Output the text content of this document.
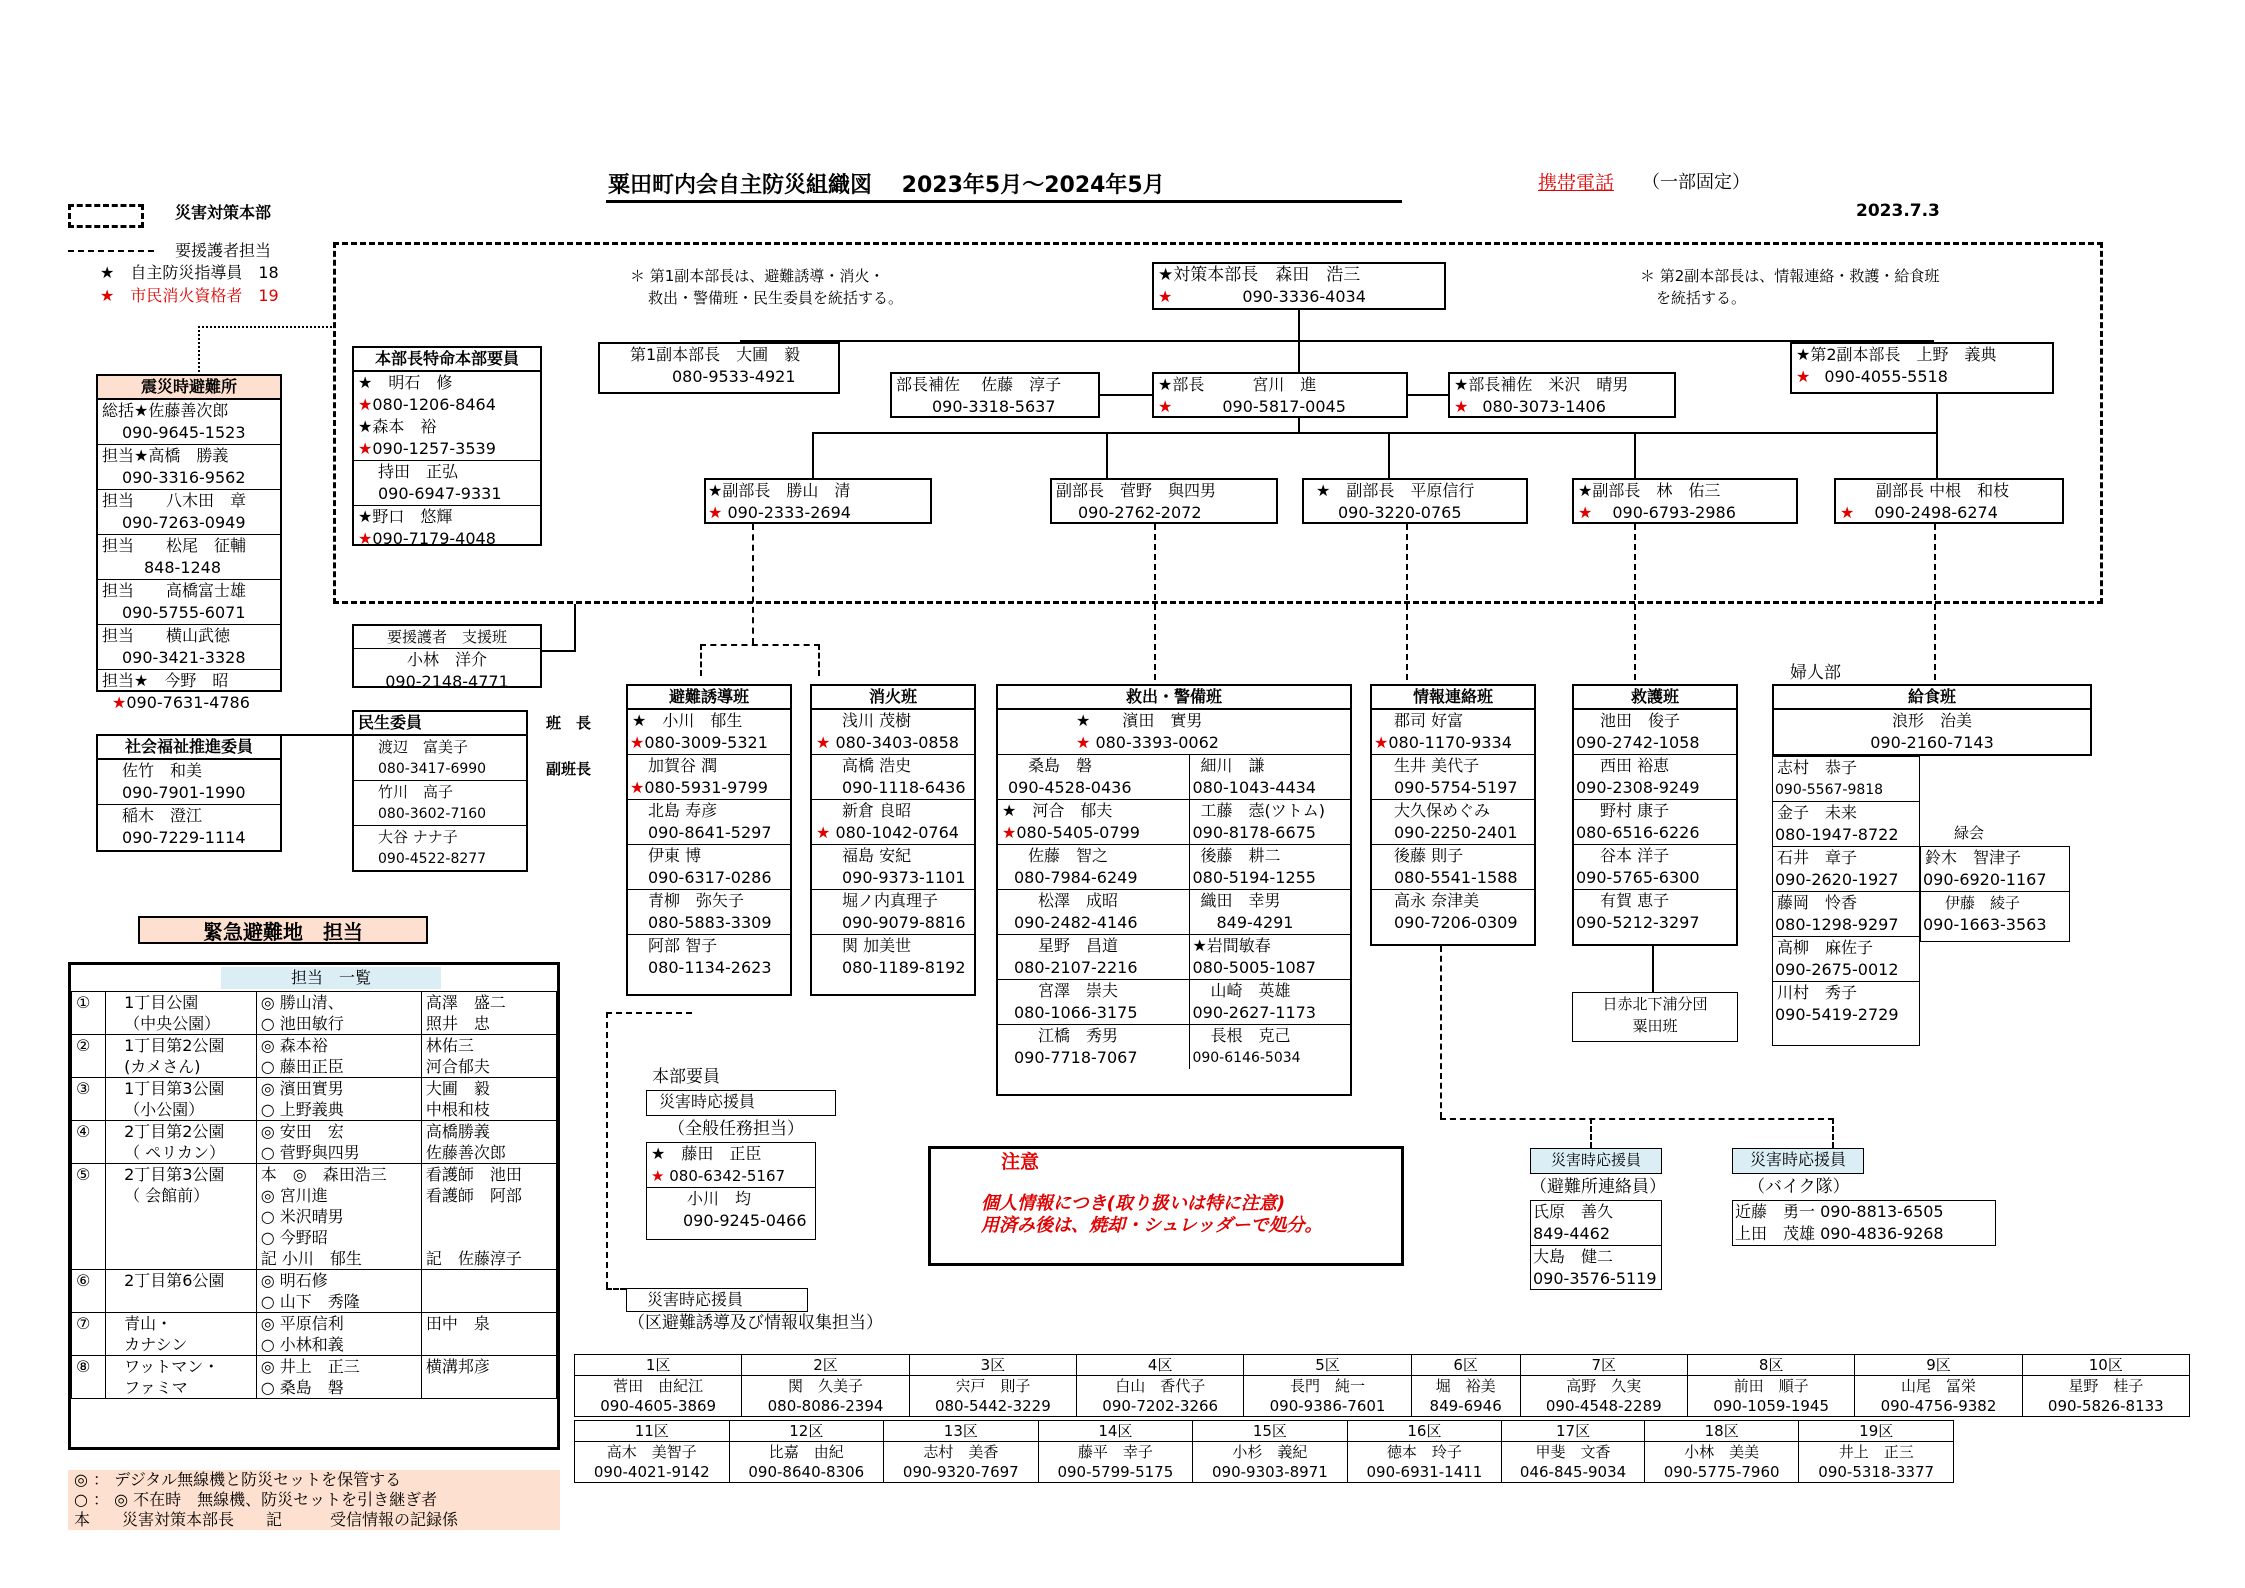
粟田町内会自主防災組織図　 2023年5月～2024年5月	携帯電話 （一部固定）
2023.7.3
災害対策本部
要援護者担当
★　自主防災指導員　18
★　 市民消火資格者　19
＊ 第1副本部長は、避難誘導・消火・
救出・警備班・民生委員を統括する。
＊ 第2副本部長は、情報連絡・救護・給食班
を統括する。
★対策本部長　森田　浩三
★	090-3336-4034
第1副本部長　大圃　毅
080-9533-4921
★第2副本部長　上野　義典
★ 090-4055-5518
部長補佐　 佐藤　淳子
090-3318-5637
★部長　　　宮川　進
★	090-5817-0045
★部長補佐　米沢　晴男
★ 080-3073-1406
★副部長　勝山　清
★ 090-2333-2694
副部長　菅野　與四男
090-2762-2072
★　副部長　平原信行
090-3220-0765
★副部長　林　佑三
★ 090-6793-2986
副部長 中根　和枝
★ 090-2498-6274
本部長特命本部要員
★　明石　修
★080-1206-8464
★森本　裕
★090-1257-3539
持田　正弘
090-6947-9331
★野口　悠輝
★090-7179-4048
震災時避難所
総括★佐藤善次郎
090-9645-1523
担当★高橋　勝義
090-3316-9562
担当　　八木田　章
090-7263-0949
担当　　松尾　征輔
848-1248
担当　　高橋富士雄
090-5755-6071
担当　　横山武徳
090-3421-3328
担当★　今野　昭
★090-7631-4786
要援護者　支援班
小林　洋介
090-2148-4771
民生委員
渡辺　富美子
080-3417-6990
竹川　高子
080-3602-7160
大谷 ナナ子
090-4522-8277
社会福祉推進委員
佐竹　和美
090-7901-1990
稲木　澄江
090-7229-1114
班　長
副班長
避難誘導班
★　小川　郁生
★080-3009-5321
加賀谷 潤
★080-5931-9799
北島 寿彦
090-8641-5297
伊東 博
090-6317-0286
青柳　弥矢子
080-5883-3309
阿部 智子
080-1134-2623
消火班
浅川 茂樹
★ 080-3403-0858
高橋 浩史
090-1118-6436
新倉 良昭
★ 080-1042-0764
福島 安紀
090-9373-1101
堀ノ内真理子
090-9079-8816
関 加美世
080-1189-8192
救出・警備班
★　　濱田　實男
★ 080-3393-0062
桑島　磐
090-4528-0436
★　河合　郁夫
★080-5405-0799
佐藤　智之
080-7984-6249
松澤　成昭
090-2482-4146
星野　昌道
080-2107-2216
宮澤　崇夫
080-1066-3175
江橋　秀男
090-7718-7067
細川　謙
080-1043-4434
工藤　悫(ツトム)
090-8178-6675
後藤　耕二
080-5194-1255
織田　幸男
849-4291
★岩間敏春
080-5005-1087
山崎　英雄
090-2627-1173
長根　克己
090-6146-5034
情報連絡班
郡司 好富
★080-1170-9334
生井 美代子
090-5754-5197
大久保めぐみ
090-2250-2401
後藤 則子
080-5541-1588
高永 奈津美
090-7206-0309
救護班
池田　俊子
090-2742-1058
西田 裕恵
090-2308-9249
野村 康子
080-6516-6226
谷本 洋子
090-5765-6300
有賀 恵子
090-5212-3297
日赤北下浦分団
粟田班
婦人部
給食班
浪形　治美
090-2160-7143
志村　恭子
090-5567-9818
金子　未来
080-1947-8722
石井　章子
090-2620-1927
藤岡　怜香
080-1298-9297
高柳　麻佐子
090-2675-0012
川村　秀子
090-5419-2729
緑会
鈴木　智津子
090-6920-1167
伊藤　綾子
090-1663-3563
緊急避難地　担当
担当　一覧
①	1丁目公園	◎ 勝山清、	高澤　盛二
	（中央公園）	○ 池田敏行	照井　忠
②	1丁目第2公園	◎ 森本裕	林佑三
	(カメさん)	○ 藤田正臣	河合郁夫
③	1丁目第3公園	◎ 濱田實男	大圃　毅
	（小公園）	○ 上野義典	中根和枝
④	2丁目第2公園	◎ 安田　宏	高橋勝義
	（ ペリカン）	○ 菅野與四男	佐藤善次郎
⑤	2丁目第3公園	本　◎　森田浩三	看護師　池田
	（ 会館前）	◎ 宮川進	看護師　阿部
		○ 米沢晴男	
		○ 今野昭	
		記 小川　郁生	記　佐藤淳子
⑥	2丁目第6公園	◎ 明石修	
		○ 山下　秀隆	
⑦	青山・	◎ 平原信利	田中　泉
	カナシン	○ 小林和義	
⑧	ワットマン・	◎ 井上　正三	横溝邦彦
	ファミマ	○ 桑島　磐	
◎ ： デジタル無線機と防災セットを保管する
○ ： ◎ 不在時　無線機、防災セットを引き継ぎ者
本　　災害対策本部長　　記　　　受信情報の記録係
本部要員
災害時応援員
（全般任務担当）
★　藤田　正臣
★ 080-6342-5167
小川　均
090-9245-0466
注意
個人情報につき(取り扱いは特に注意)
用済み後は、焼却・シュレッダーで処分。
災害時応援員
（避難所連絡員）
氏原　善久
849-4462
大島　健二
090-3576-5119
災害時応援員
（バイク隊）
近藤　勇一 090-8813-6505
上田　茂雄 090-4836-9268
災害時応援員
（区避難誘導及び情報収集担当）
1区	2区	3区	4区	5区	6区	7区	8区	9区	10区
菅田　由紀江	関　久美子	宍戸　則子	白山　香代子	長門　純一	堀　裕美	高野　久実	前田　順子	山尾　冨栄	星野　桂子
090-4605-3869	080-8086-2394	080-5442-3229	090-7202-3266	090-9386-7601	849-6946	090-4548-2289	090-1059-1945	090-4756-9382	090-5826-8133
11区	12区	13区	14区	15区	16区	17区	18区	19区
高木　美智子	比嘉　由紀	志村　美香	藤平　幸子	小杉　義紀	徳本　玲子	甲斐　文香	小林　美美	井上　正三
090-4021-9142	090-8640-8306	090-9320-7697	090-5799-5175	090-9303-8971	090-6931-1411	046-845-9034	090-5775-7960	090-5318-3377
